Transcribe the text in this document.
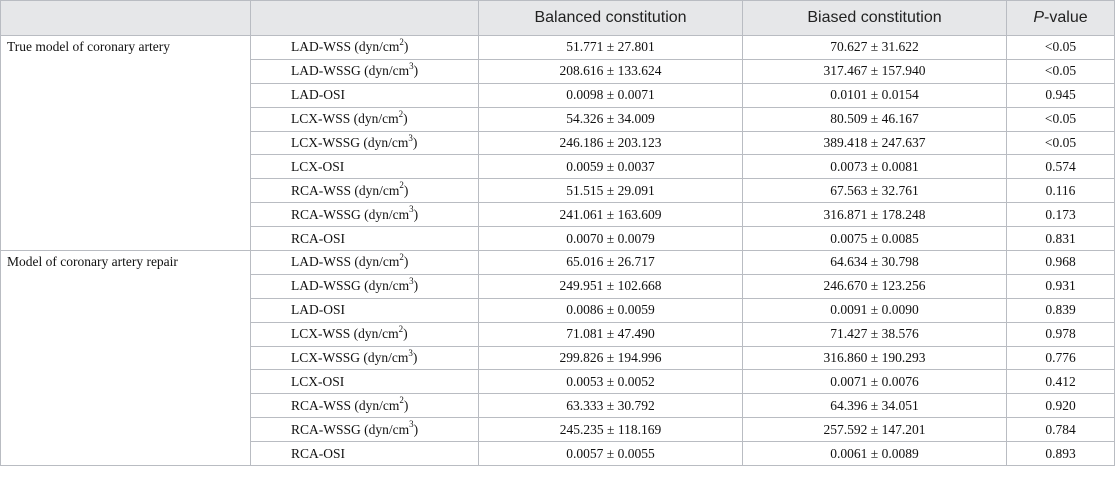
		Balanced constitution	Biased constitution	P-value
True model of coronary artery	LAD-WSS $(dyn/cm^2)$	51.771 ± 27.801	70.627 ± 31.622	<0.05
	LAD-WSSG $(dyn/cm^3)$	208.616 ± 133.624	317.467 ± 157.940	<0.05
	LAD-OSI	0.0098 ± 0.0071	0.0101 ± 0.0154	0.945
	LCX-WSS $(dyn/cm^2)$	54.326 ± 34.009	80.509 ± 46.167	<0.05
	LCX-WSSG $(dyn/cm^3)$	246.186 ± 203.123	389.418 ± 247.637	<0.05
	LCX-OSI	0.0059 ± 0.0037	0.0073 ± 0.0081	0.574
	RCA-WSS $(dyn/cm^2)$	51.515 ± 29.091	67.563 ± 32.761	0.116
	RCA-WSSG $(dyn/cm^3)$	241.061 ± 163.609	316.871 ± 178.248	0.173
	RCA-OSI	0.0070 ± 0.0079	0.0075 ± 0.0085	0.831
Model of coronary artery repair	LAD-WSS $(dyn/cm^2)$	65.016 ± 26.717	64.634 ± 30.798	0.968
	LAD-WSSG $(dyn/cm^3)$	249.951 ± 102.668	246.670 ± 123.256	0.931
	LAD-OSI	0.0086 ± 0.0059	0.0091 ± 0.0090	0.839
	LCX-WSS $(dyn/cm^2)$	71.081 ± 47.490	71.427 ± 38.576	0.978
	LCX-WSSG $(dyn/cm^3)$	299.826 ± 194.996	316.860 ± 190.293	0.776
	LCX-OSI	0.0053 ± 0.0052	0.0071 ± 0.0076	0.412
	RCA-WSS $(dyn/cm^2)$	63.333 ± 30.792	64.396 ± 34.051	0.920
	RCA-WSSG $(dyn/cm^3)$	245.235 ± 118.169	257.592 ± 147.201	0.784
	RCA-OSI	0.0057 ± 0.0055	0.0061 ± 0.0089	0.893
